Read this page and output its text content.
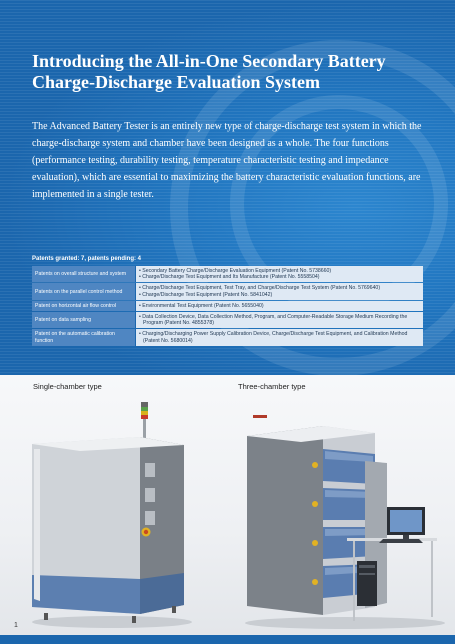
Introducing the All-in-One Secondary Battery
Charge-Discharge Evaluation System

The Advanced Battery Tester is an entirely new type of charge-discharge test system in which the charge-discharge system and chamber have been designed as a whole. The four functions (performance testing, durability testing, temperature characteristic testing and impedance evaluation), which are essential to maximizing the battery characteristic evaluation functions, are implemented in a single tester.

Patents granted: 7, patents pending: 4

Patents on overall structure and system	• Secondary Battery Charge/Discharge Evaluation Equipment (Patent No. 5738660)
• Charge/Discharge Test Equipment and Its Manufacture (Patent No. 5558504)

Patents on the parallel control method	• Charge/Discharge Test Equipment, Test Tray, and Charge/Discharge Test System (Patent No. 5769640)
• Charge/Discharge Test Equipment (Patent No. 5841042)

Patent on horizontal air flow control	• Environmental Test Equipment (Patent No. 5655040)

Patent on data sampling	• Data Collection Device, Data Collection Method, Program, and Computer-Readable Storage Medium Recording the Program (Patent No. 4855378)

Patent on the automatic calibration function	• Charging/Discharging Power Supply Calibration Device, Charge/Discharge Test Equipment, and Calibration Method (Patent No. 5680014)

Single-chamber type	Three-chamber type

1
